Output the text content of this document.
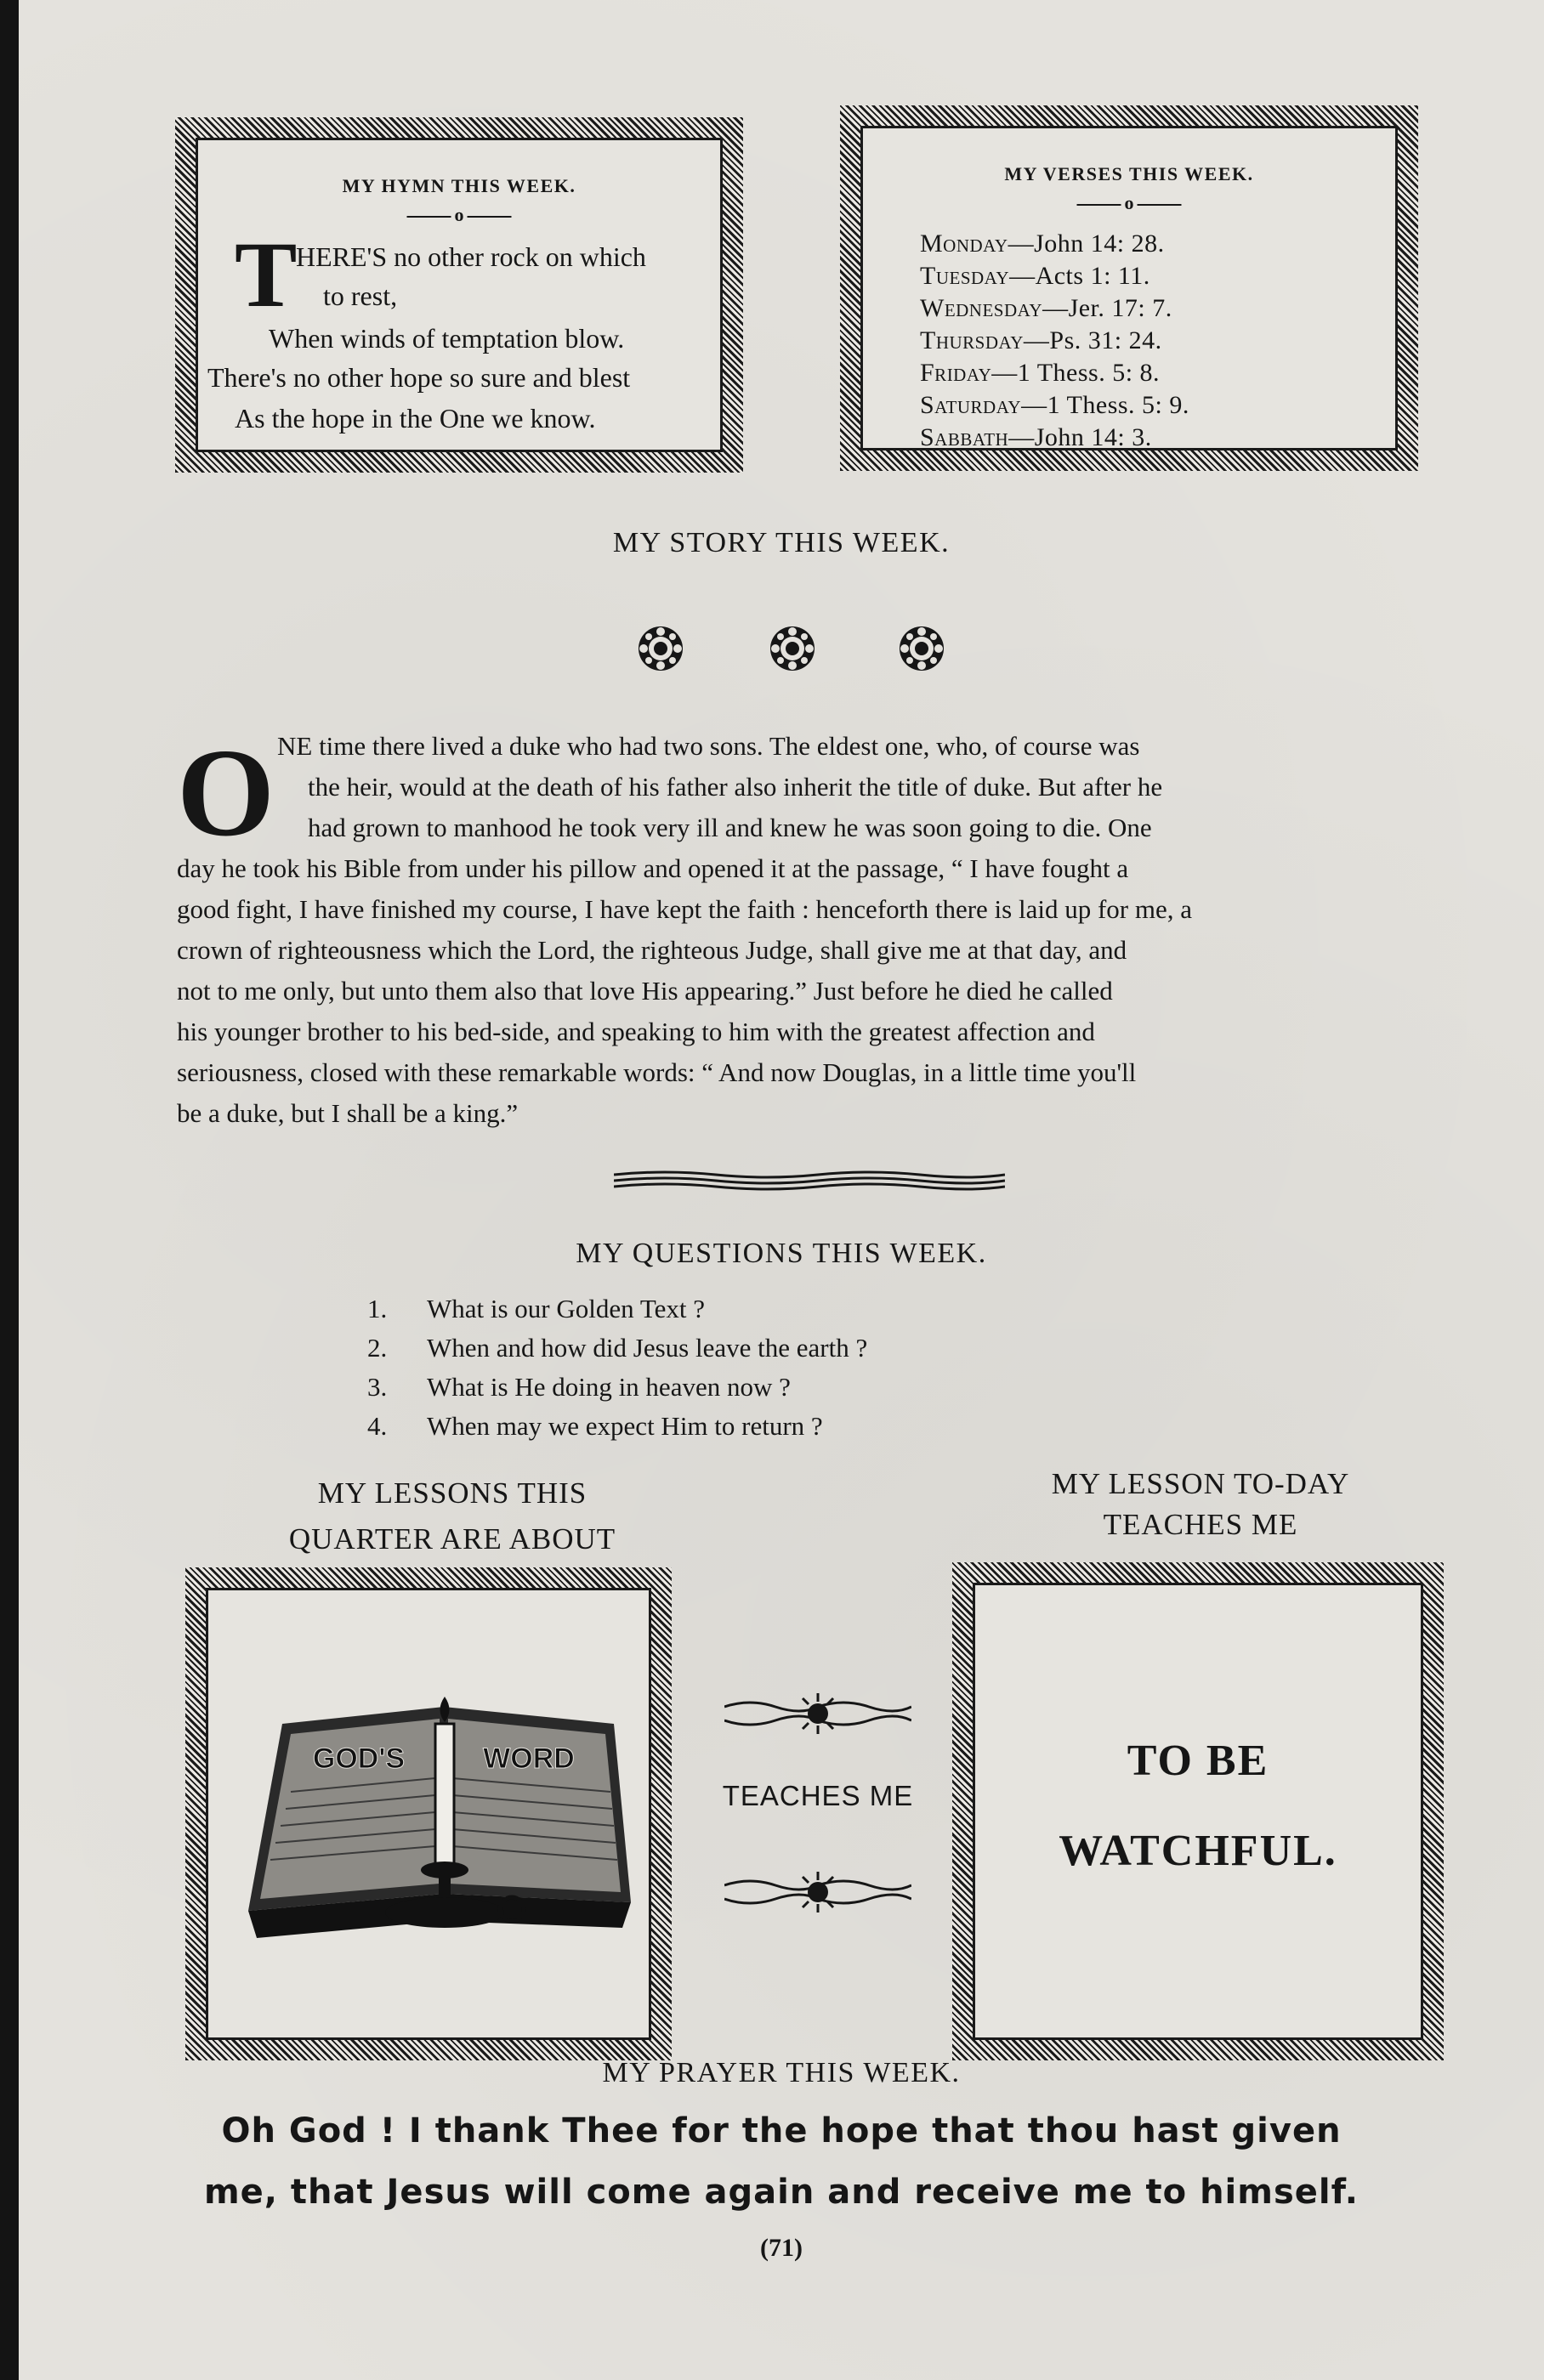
MY HYMN THIS WEEK.
o
T
HERE'S no other rock on which
to rest,
When winds of temptation blow.
There's no other hope so sure and blest
As the hope in the One we know.
MY VERSES THIS WEEK.
o
Monday—John 14: 28.
Tuesday—Acts 1: 11.
Wednesday—Jer. 17: 7.
Thursday—Ps. 31: 24.
Friday—1 Thess. 5: 8.
Saturday—1 Thess. 5: 9.
Sabbath—John 14: 3.
MY STORY THIS WEEK.
O NE time there lived a duke who had two sons. The eldest one, who, of course was
the heir, would at the death of his father also inherit the title of duke. But after he
had grown to manhood he took very ill and knew he was soon going to die. One
day he took his Bible from under his pillow and opened it at the passage, “ I have fought a
good fight, I have finished my course, I have kept the faith : henceforth there is laid up for me, a
crown of righteousness which the Lord, the righteous Judge, shall give me at that day, and
not to me only, but unto them also that love His appearing.” Just before he died he called
his younger brother to his bed-side, and speaking to him with the greatest affection and
seriousness, closed with these remarkable words: “ And now Douglas, in a little time you'll
be a duke, but I shall be a king.”
MY QUESTIONS THIS WEEK.
1. What is our Golden Text ?
2. When and how did Jesus leave the earth ?
3. What is He doing in heaven now ?
4. When may we expect Him to return ?
MY LESSONS THIS
QUARTER ARE ABOUT
MY LESSON TO-DAY
TEACHES ME
GOD'S	WORD
TEACHES ME
TO BE
WATCHFUL.
MY PRAYER THIS WEEK.
Oh God ! I thank Thee for the hope that thou hast given
me, that Jesus will come again and receive me to himself.
(71)
